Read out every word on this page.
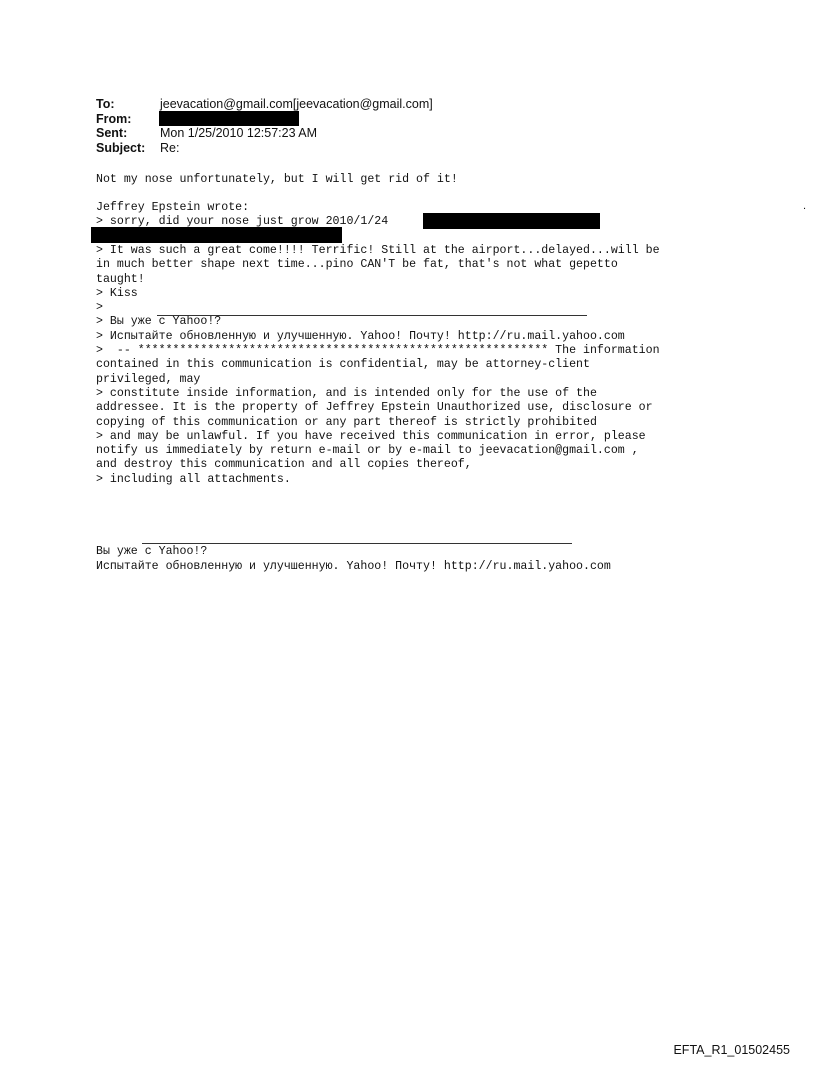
To:	jeevacation@gmail.com[jeevacation@gmail.com]
From:
Sent:	Mon 1/25/2010 12:57:23 AM
Subject:	Re:
Not my nose unfortunately, but I will get rid of it!
Jeffrey Epstein wrote:
> sorry, did your nose just grow 2010/1/24
> It was such a great come!!!! Terrific! Still at the airport...delayed...will be
in much better shape next time...pino CAN'T be fat, that's not what gepetto
taught!
> Kiss
>
> Вы уже с Yahoo!?
> Испытайте обновленную и улучшенную. Yahoo! Почту! http://ru.mail.yahoo.com
>  -- *********************************************************** The information
contained in this communication is confidential, may be attorney-client
privileged, may
> constitute inside information, and is intended only for the use of the
addressee. It is the property of Jeffrey Epstein Unauthorized use, disclosure or
copying of this communication or any part thereof is strictly prohibited
> and may be unlawful. If you have received this communication in error, please
notify us immediately by return e-mail or by e-mail to jeevacation@gmail.com ,
and destroy this communication and all copies thereof,
> including all attachments.
Вы уже с Yahoo!?
Испытайте обновленную и улучшенную. Yahoo! Почту! http://ru.mail.yahoo.com
.
EFTA_R1_01502455
